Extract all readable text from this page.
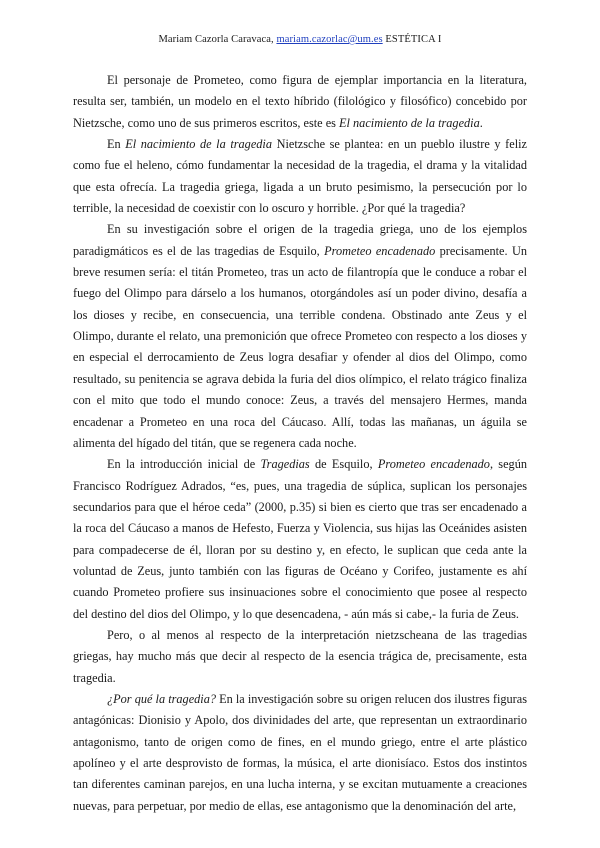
Mariam Cazorla Caravaca, mariam.cazorlac@um.es ESTÉTICA I

El personaje de Prometeo, como figura de ejemplar importancia en la literatura, resulta ser, también, un modelo en el texto híbrido (filológico y filosófico) concebido por Nietzsche, como uno de sus primeros escritos, este es El nacimiento de la tragedia.

En El nacimiento de la tragedia Nietzsche se plantea: en un pueblo ilustre y feliz como fue el heleno, cómo fundamentar la necesidad de la tragedia, el drama y la vitalidad que esta ofrecía. La tragedia griega, ligada a un bruto pesimismo, la persecución por lo terrible, la necesidad de coexistir con lo oscuro y horrible. ¿Por qué la tragedia?

En su investigación sobre el origen de la tragedia griega, uno de los ejemplos paradigmáticos es el de las tragedias de Esquilo, Prometeo encadenado precisamente. Un breve resumen sería: el titán Prometeo, tras un acto de filantropía que le conduce a robar el fuego del Olimpo para dárselo a los humanos, otorgándoles así un poder divino, desafía a los dioses y recibe, en consecuencia, una terrible condena. Obstinado ante Zeus y el Olimpo, durante el relato, una premonición que ofrece Prometeo con respecto a los dioses y en especial el derrocamiento de Zeus logra desafiar y ofender al dios del Olimpo, como resultado, su penitencia se agrava debida la furia del dios olímpico, el relato trágico finaliza con el mito que todo el mundo conoce: Zeus, a través del mensajero Hermes, manda encadenar a Prometeo en una roca del Cáucaso. Allí, todas las mañanas, un águila se alimenta del hígado del titán, que se regenera cada noche.

En la introducción inicial de Tragedias de Esquilo, Prometeo encadenado, según Francisco Rodríguez Adrados, “es, pues, una tragedia de súplica, suplican los personajes secundarios para que el héroe ceda” (2000, p.35) si bien es cierto que tras ser encadenado a la roca del Cáucaso a manos de Hefesto, Fuerza y Violencia, sus hijas las Oceánides asisten para compadecerse de él, lloran por su destino y, en efecto, le suplican que ceda ante la voluntad de Zeus, junto también con las figuras de Océano y Corifeo, justamente es ahí cuando Prometeo profiere sus insinuaciones sobre el conocimiento que posee al respecto del destino del dios del Olimpo, y lo que desencadena, - aún más si cabe,- la furia de Zeus.

Pero, o al menos al respecto de la interpretación nietzscheana de las tragedias griegas, hay mucho más que decir al respecto de la esencia trágica de, precisamente, esta tragedia.

¿Por qué la tragedia? En la investigación sobre su origen relucen dos ilustres figuras antagónicas: Dionisio y Apolo, dos divinidades del arte, que representan un extraordinario antagonismo, tanto de origen como de fines, en el mundo griego, entre el arte plástico apolíneo y el arte desprovisto de formas, la música, el arte dionisíaco. Estos dos instintos tan diferentes caminan parejos, en una lucha interna, y se excitan mutuamente a creaciones nuevas, para perpetuar, por medio de ellas, ese antagonismo que la denominación del arte,
